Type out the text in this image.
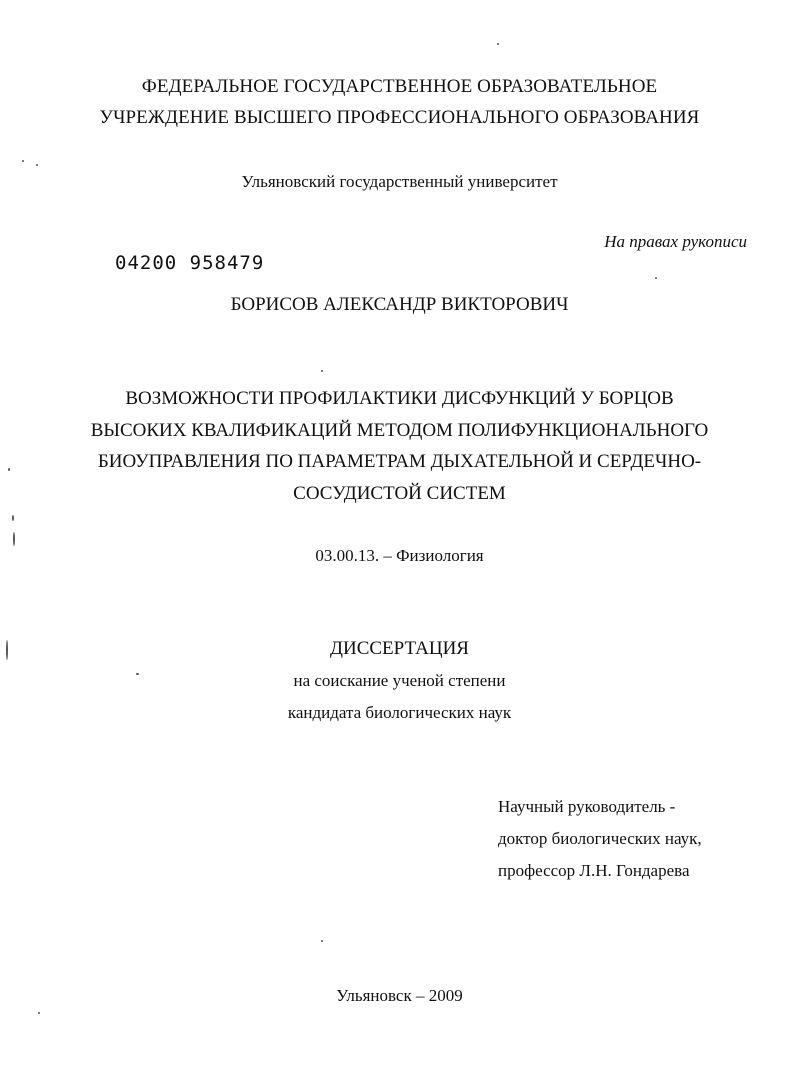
ФЕДЕРАЛЬНОЕ ГОСУДАРСТВЕННОЕ ОБРАЗОВАТЕЛЬНОЕ
УЧРЕЖДЕНИЕ ВЫСШЕГО ПРОФЕССИОНАЛЬНОГО ОБРАЗОВАНИЯ
Ульяновский государственный университет
На правах рукописи
04200 958479
БОРИСОВ АЛЕКСАНДР ВИКТОРОВИЧ
ВОЗМОЖНОСТИ ПРОФИЛАКТИКИ ДИСФУНКЦИЙ У БОРЦОВ
ВЫСОКИХ КВАЛИФИКАЦИЙ МЕТОДОМ ПОЛИФУНКЦИОНАЛЬНОГО
БИОУПРАВЛЕНИЯ ПО ПАРАМЕТРАМ ДЫХАТЕЛЬНОЙ И СЕРДЕЧНО-
СОСУДИСТОЙ СИСТЕМ
03.00.13. – Физиология
ДИССЕРТАЦИЯ
на соискание ученой степени
кандидата биологических наук
Научный руководитель -
доктор биологических наук,
профессор Л.Н. Гондарева
Ульяновск – 2009
